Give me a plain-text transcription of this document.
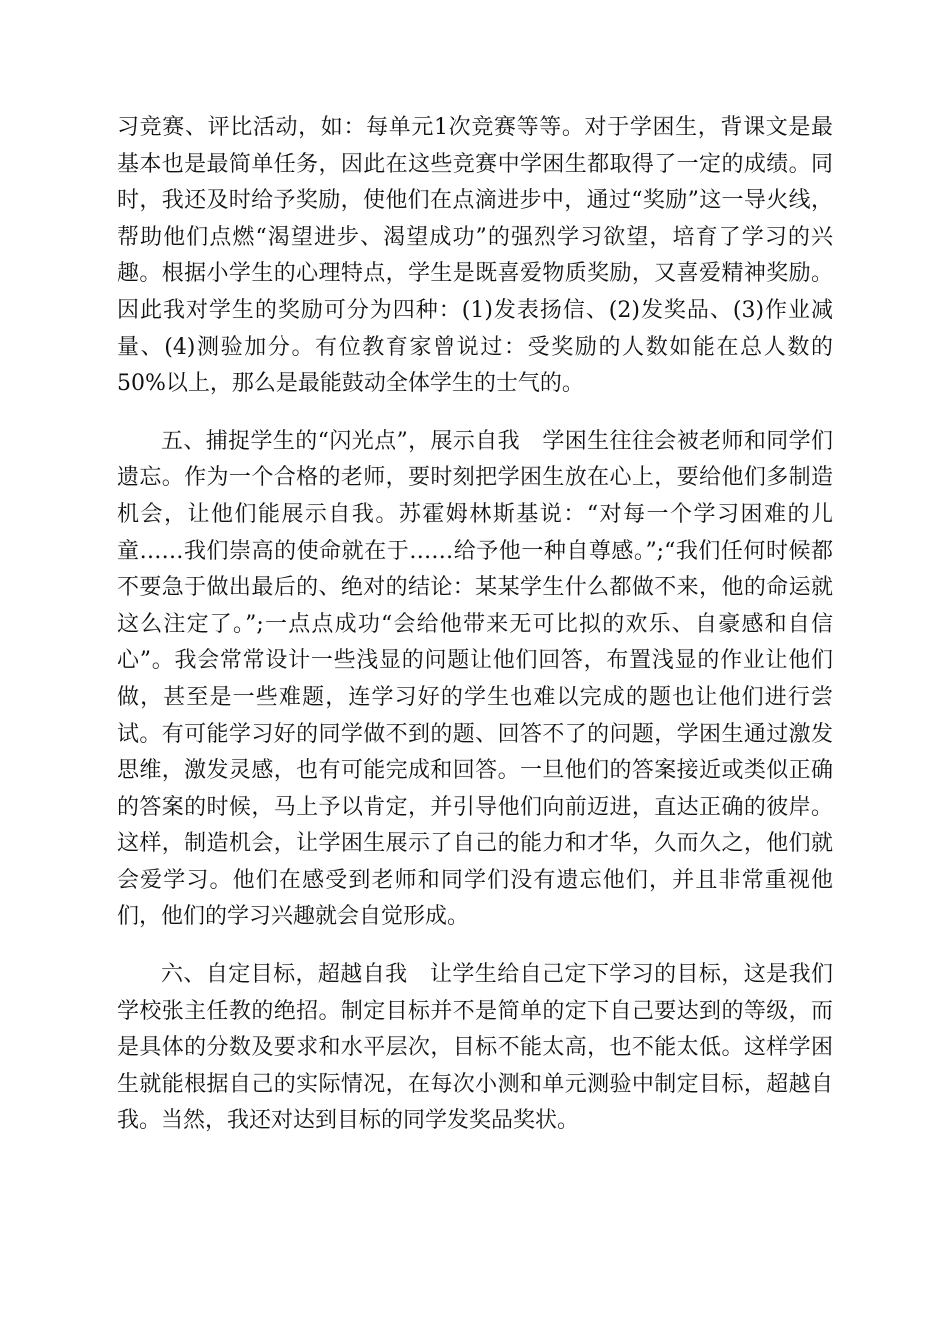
习竞赛、评比活动，如：每单元1次竞赛等等。对于学困生，背课文是最基本也是最简单任务，因此在这些竞赛中学困生都取得了一定的成绩。同时，我还及时给予奖励，使他们在点滴进步中，通过“奖励”这一导火线，帮助他们点燃“渴望进步、渴望成功”的强烈学习欲望，培育了学习的兴趣。根据小学生的心理特点，学生是既喜爱物质奖励，又喜爱精神奖励。因此我对学生的奖励可分为四种：(1)发表扬信、(2)发奖品、(3)作业减量、(4)测验加分。有位教育家曾说过：受奖励的人数如能在总人数的50%以上，那么是最能鼓动全体学生的士气的。

五、捕捉学生的“闪光点”，展示自我　学困生往往会被老师和同学们遗忘。作为一个合格的老师，要时刻把学困生放在心上，要给他们多制造机会，让他们能展示自我。苏霍姆林斯基说：“对每一个学习困难的儿童……我们崇高的使命就在于……给予他一种自尊感。”;“我们任何时候都不要急于做出最后的、绝对的结论：某某学生什么都做不来，他的命运就这么注定了。”;一点点成功“会给他带来无可比拟的欢乐、自豪感和自信心”。我会常常设计一些浅显的问题让他们回答，布置浅显的作业让他们做，甚至是一些难题，连学习好的学生也难以完成的题也让他们进行尝试。有可能学习好的同学做不到的题、回答不了的问题，学困生通过激发思维，激发灵感，也有可能完成和回答。一旦他们的答案接近或类似正确的答案的时候，马上予以肯定，并引导他们向前迈进，直达正确的彼岸。这样，制造机会，让学困生展示了自己的能力和才华，久而久之，他们就会爱学习。他们在感受到老师和同学们没有遗忘他们，并且非常重视他们，他们的学习兴趣就会自觉形成。

六、自定目标，超越自我　让学生给自己定下学习的目标，这是我们学校张主任教的绝招。制定目标并不是简单的定下自己要达到的等级，而是具体的分数及要求和水平层次，目标不能太高，也不能太低。这样学困生就能根据自己的实际情况，在每次小测和单元测验中制定目标，超越自我。当然，我还对达到目标的同学发奖品奖状。
